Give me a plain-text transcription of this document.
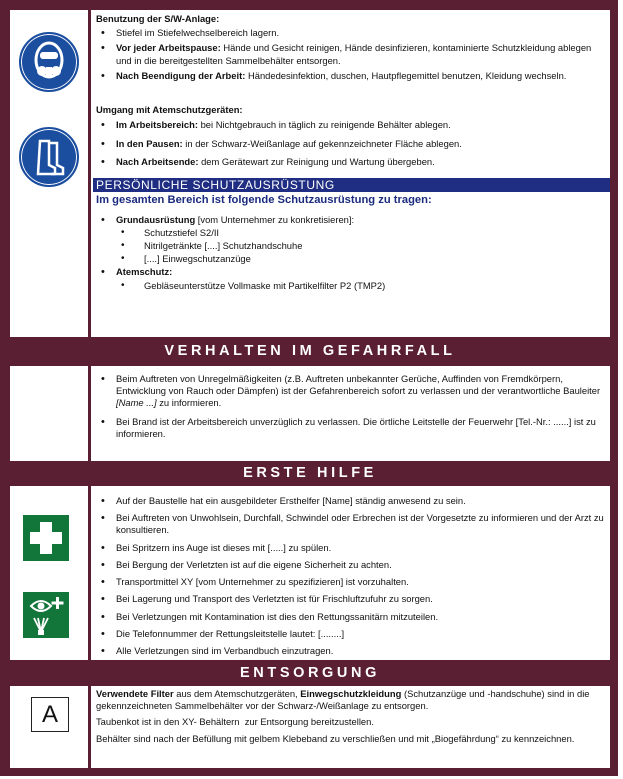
Benutzung der S/W-Anlage:
• Stiefel im Stiefelwechselbereich lagern.
• Vor jeder Arbeitspause: Hände und Gesicht reinigen, Hände desinfizieren, kontaminierte Schutzkleidung ablegen und in die bereitgestellten Sammelbehälter entsorgen.
• Nach Beendigung der Arbeit: Händedesinfektion, duschen, Hautpflegemittel benutzen, Kleidung wechseln.
Umgang mit Atemschutzgeräten:
• Im Arbeitsbereich: bei Nichtgebrauch in täglich zu reinigende Behälter ablegen.
• In den Pausen: in der Schwarz-Weißanlage auf gekennzeichneter Fläche ablegen.
• Nach Arbeitsende: dem Gerätewart zur Reinigung und Wartung übergeben.
PERSÖNLICHE SCHUTZAUSRÜSTUNG
Im gesamten Bereich ist folgende Schutzausrüstung zu tragen:
• Grundausrüstung [vom Unternehmer zu konkretisieren]:
• Schutzstiefel S2/II
• Nitrilgetränkte [....] Schutzhandschuhe
• [....] Einwegschutzanzüge
• Atemschutz:
• Gebläseunterstütze Vollmaske mit Partikelfilter P2 (TMP2)
VERHALTEN IM GEFAHRFALL
• Beim Auftreten von Unregelmäßigkeiten (z.B. Auftreten unbekannter Gerüche, Auffinden von Fremdkörpern, Entwicklung von Rauch oder Dämpfen) ist der Gefahrenbereich sofort zu verlassen und der verantwortliche Bauleiter [Name ...] zu informieren.
• Bei Brand ist der Arbeitsbereich unverzüglich zu verlassen. Die örtliche Leitstelle der Feuerwehr [Tel.-Nr.: ......] ist zu informieren.
ERSTE HILFE
• Auf der Baustelle hat ein ausgebildeter Ersthelfer [Name] ständig anwesend zu sein.
• Bei Auftreten von Unwohlsein, Durchfall, Schwindel oder Erbrechen ist der Vorgesetzte zu informieren und der Arzt zu konsultieren.
• Bei Spritzern ins Auge ist dieses mit [.....] zu spülen.
• Bei Bergung der Verletzten ist auf die eigene Sicherheit zu achten.
• Transportmittel XY [vom Unternehmer zu spezifizieren] ist vorzuhalten.
• Bei Lagerung und Transport des Verletzten ist für Frischluftzufuhr zu sorgen.
• Bei Verletzungen mit Kontamination ist dies den Rettungssanitärn mitzuteilen.
• Die Telefonnummer der Rettungsleitstelle lautet: [........]
• Alle Verletzungen sind im Verbandbuch einzutragen.
ENTSORGUNG
A

Verwendete Filter aus dem Atemschutzgeräten, Einwegschutzkleidung (Schutzanzüge und -handschuhe) sind in die gekennzeichneten Sammelbehälter vor der Schwarz-/Weißanlage zu entsorgen.

Taubenkot ist in den XY- Behältern  zur Entsorgung bereitzustellen.

Behälter sind nach der Befüllung mit gelbem Klebeband zu verschließen und mit „Biogefährdung“ zu kennzeichnen.
